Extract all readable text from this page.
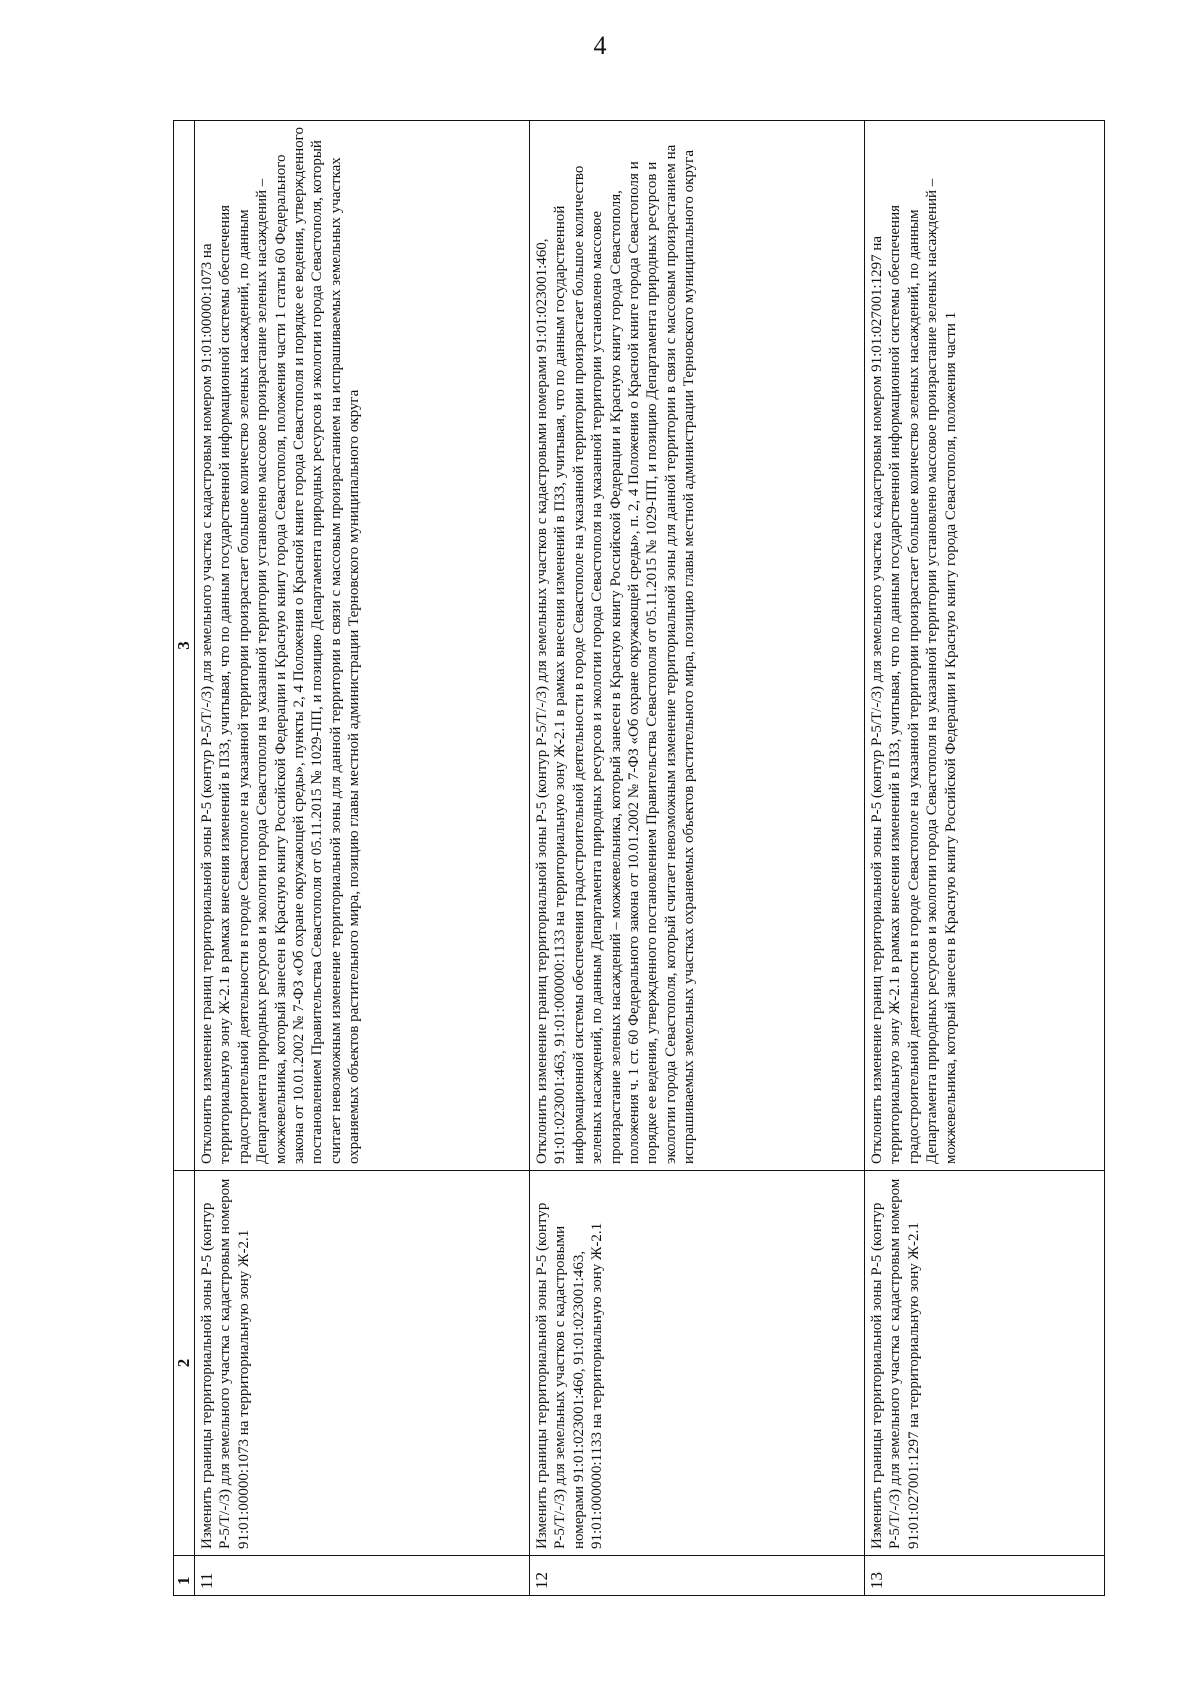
4
1	2	3
11	Изменить границы территориальной зоны Р-5 (контур Р-5/Т/-/3) для земельного участка с кадастровым номером 91:01:00000:1073 на территориальную зону Ж-2.1	Отклонить изменение границ территориальной зоны Р-5 (контур Р-5/Т/-/3) для земельного участка с кадастровым номером 91:01:00000:1073 на территориальную зону Ж-2.1 в рамках внесения изменений в ПЗЗ, учитывая, что по данным государственной информационной системы обеспечения градостроительной деятельности в городе Севастополе на указанной территории произрастает большое количество зеленых насаждений, по данным Департамента природных ресурсов и экологии города Севастополя на указанной территории установлено массовое произрастание зеленых насаждений – можжевельника, который занесен в Красную книгу Российской Федерации и Красную книгу города Севастополя, положения части 1 статьи 60 Федерального закона от 10.01.2002 № 7-ФЗ «Об охране окружающей среды», пункты 2, 4 Положения о Красной книге города Севастополя и порядке ее ведения, утвержденного постановлением Правительства Севастополя от 05.11.2015 № 1029-ПП, и позицию Департамента природных ресурсов и экологии города Севастополя, который считает невозможным изменение территориальной зоны для данной территории в связи с массовым произрастанием на испрашиваемых земельных участках охраняемых объектов растительного мира, позицию главы местной администрации Терновского муниципального округа
12	Изменить границы территориальной зоны Р-5 (контур Р-5/Т/-/3) для земельных участков с кадастровыми номерами 91:01:023001:460, 91:01:023001:463, 91:01:000000:1133 на территориальную зону Ж-2.1	Отклонить изменение границ территориальной зоны Р-5 (контур Р-5/Т/-/3) для земельных участков с кадастровыми номерами 91:01:023001:460, 91:01:023001:463, 91:01:000000:1133 на территориальную зону Ж-2.1 в рамках внесения изменений в ПЗЗ, учитывая, что по данным государственной информационной системы обеспечения градостроительной деятельности в городе Севастополе на указанной территории произрастает большое количество зеленых насаждений, по данным Департамента природных ресурсов и экологии города Севастополя на указанной территории установлено массовое произрастание зеленых насаждений – можжевельника, который занесен в Красную книгу Российской Федерации и Красную книгу города Севастополя, положения ч. 1 ст. 60 Федерального закона от 10.01.2002 № 7-ФЗ «Об охране окружающей среды», п. 2, 4 Положения о Красной книге города Севастополя и порядке ее ведения, утвержденного постановлением Правительства Севастополя от 05.11.2015 № 1029-ПП, и позицию Департамента природных ресурсов и экологии города Севастополя, который считает невозможным изменение территориальной зоны для данной территории в связи с массовым произрастанием на испрашиваемых земельных участках охраняемых объектов растительного мира, позицию главы местной администрации Терновского муниципального округа
13	Изменить границы территориальной зоны Р-5 (контур Р-5/Т/-/3) для земельного участка с кадастровым номером 91:01:027001:1297 на территориальную зону Ж-2.1	Отклонить изменение границ территориальной зоны Р-5 (контур Р-5/Т/-/3) для земельного участка с кадастровым номером 91:01:027001:1297 на территориальную зону Ж-2.1 в рамках внесения изменений в ПЗЗ, учитывая, что по данным государственной информационной системы обеспечения градостроительной деятельности в городе Севастополе на указанной территории произрастает большое количество зеленых насаждений, по данным Департамента природных ресурсов и экологии города Севастополя на указанной территории установлено массовое произрастание зеленых насаждений – можжевельника, который занесен в Красную книгу Российской Федерации и Красную книгу города Севастополя, положения части 1
